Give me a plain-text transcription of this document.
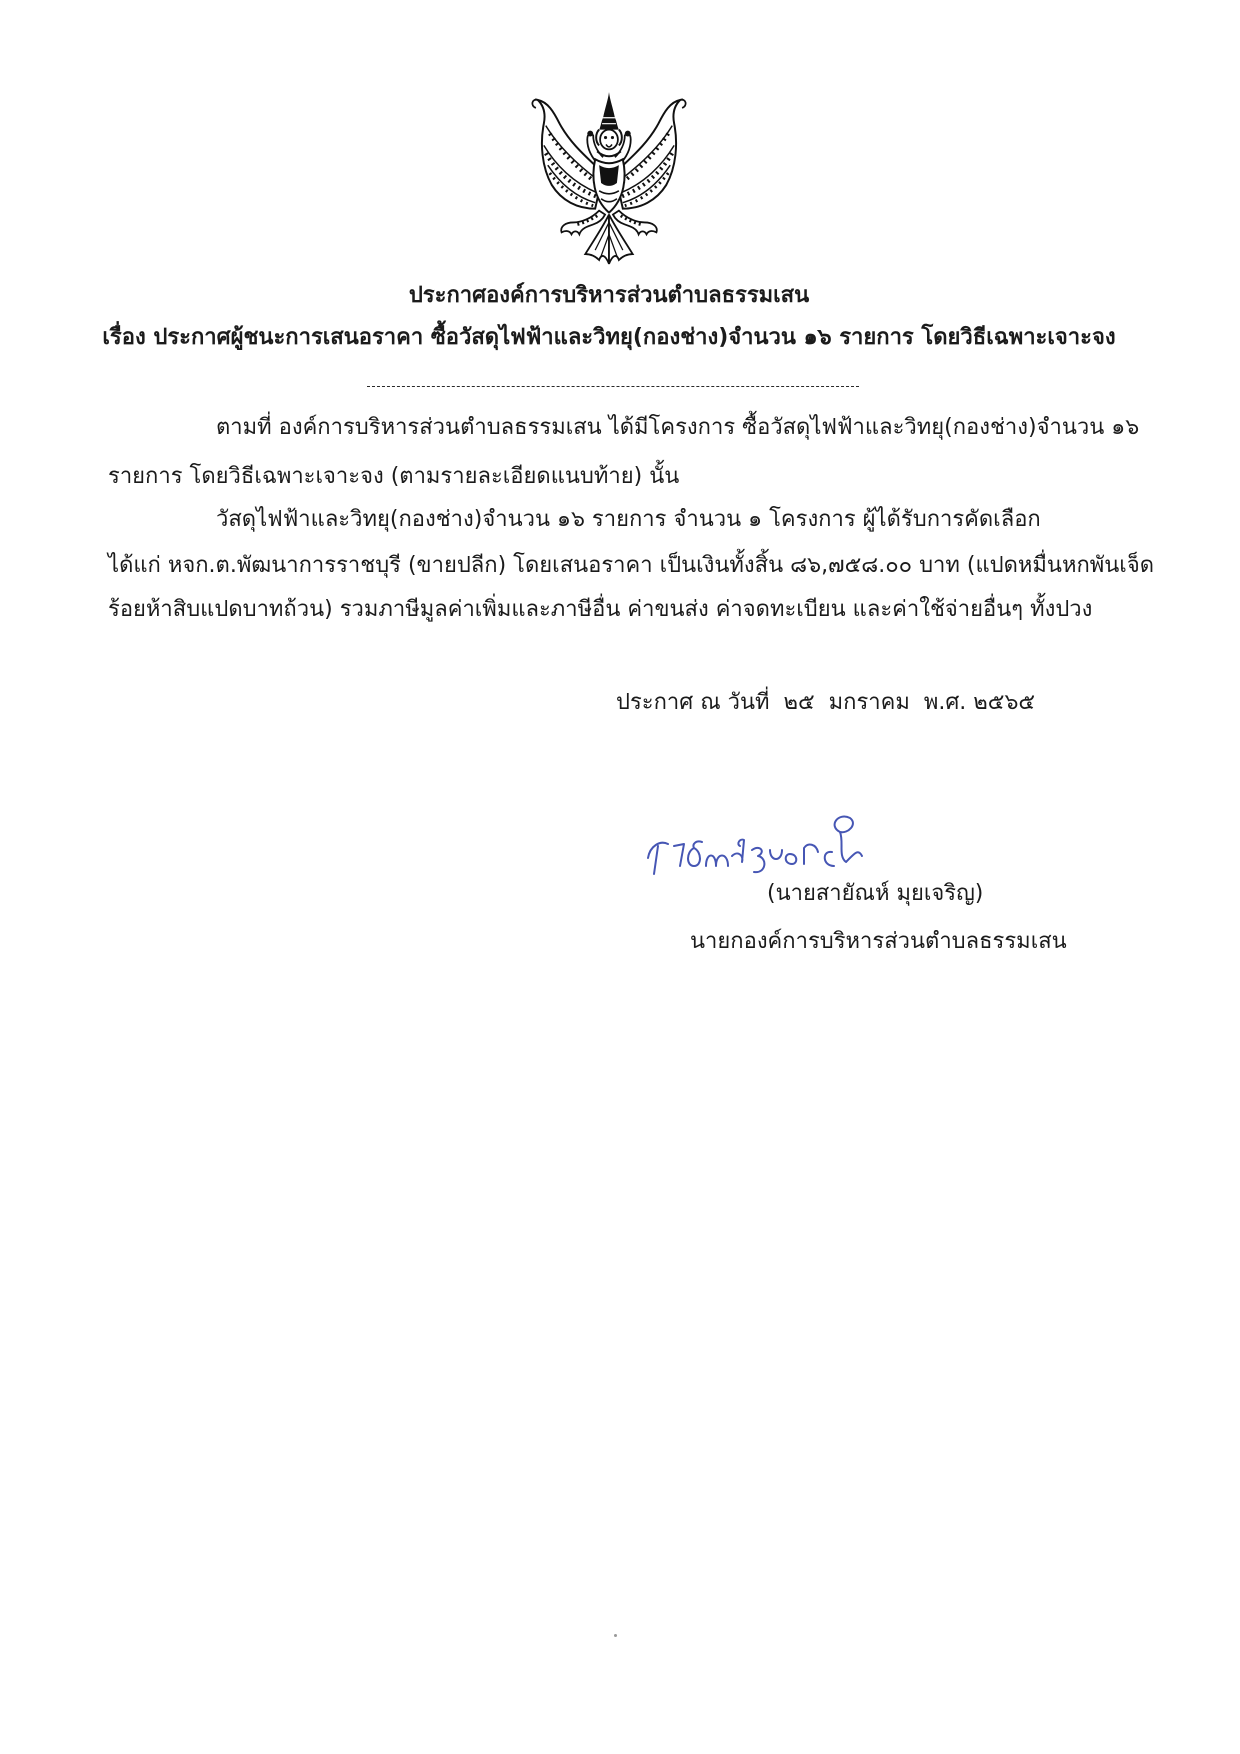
ประกาศองค์การบริหารส่วนตำบลธรรมเสน
เรื่อง ประกาศผู้ชนะการเสนอราคา ซื้อวัสดุไฟฟ้าและวิทยุ(กองช่าง)จำนวน ๑๖ รายการ โดยวิธีเฉพาะเจาะจง
ตามที่ องค์การบริหารส่วนตำบลธรรมเสน ได้มีโครงการ ซื้อวัสดุไฟฟ้าและวิทยุ(กองช่าง)จำนวน ๑๖
รายการ โดยวิธีเฉพาะเจาะจง (ตามรายละเอียดแนบท้าย) นั้น
วัสดุไฟฟ้าและวิทยุ(กองช่าง)จำนวน ๑๖ รายการ จำนวน ๑ โครงการ ผู้ได้รับการคัดเลือก
ได้แก่ หจก.ต.พัฒนาการราชบุรี (ขายปลีก) โดยเสนอราคา เป็นเงินทั้งสิ้น ๘๖,๗๕๘.๐๐ บาท (แปดหมื่นหกพันเจ็ด
ร้อยห้าสิบแปดบาทถ้วน) รวมภาษีมูลค่าเพิ่มและภาษีอื่น ค่าขนส่ง ค่าจดทะเบียน และค่าใช้จ่ายอื่นๆ ทั้งปวง
ประกาศ ณ วันที่  ๒๕  มกราคม  พ.ศ. ๒๕๖๕
(นายสายัณห์ มุยเจริญ)
นายกองค์การบริหารส่วนตำบลธรรมเสน
